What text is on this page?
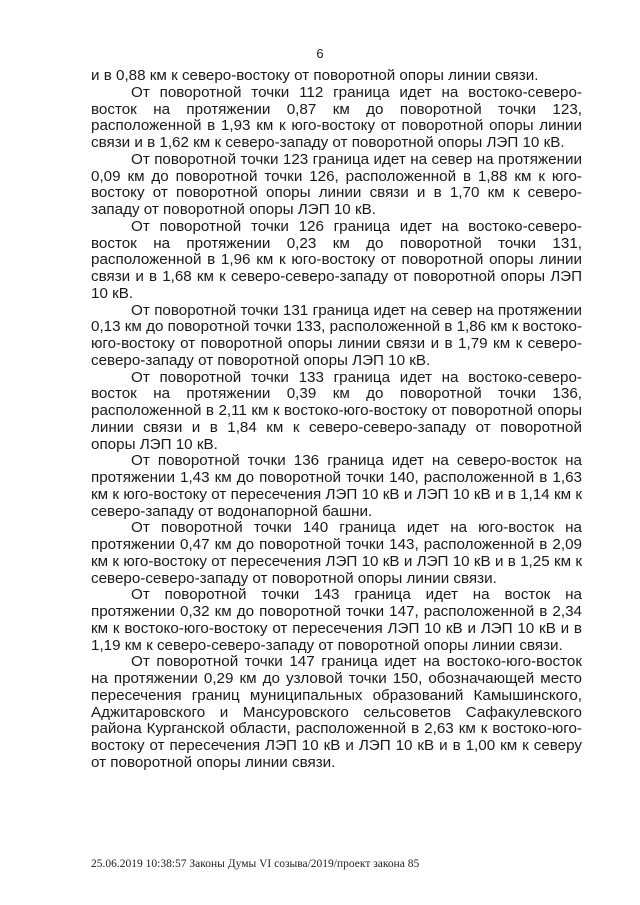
6

и в 0,88 км к северо-востоку от поворотной опоры линии связи.

От поворотной точки 112 граница идет на востоко-северо-восток на протяжении 0,87 км до поворотной точки 123, расположенной в 1,93 км к юго-востоку от поворотной опоры линии связи и в 1,62 км к северо-западу от поворотной опоры ЛЭП 10 кВ.

От поворотной точки 123 граница идет на север на протяжении 0,09 км до поворотной точки 126, расположенной в 1,88 км к юго-востоку от поворотной опоры линии связи и в 1,70 км к северо-западу от поворотной опоры ЛЭП 10 кВ.

От поворотной точки 126 граница идет на востоко-северо-восток на протяжении 0,23 км до поворотной точки 131, расположенной в 1,96 км к юго-востоку от поворотной опоры линии связи и в 1,68 км к северо-северо-западу от поворотной опоры ЛЭП 10 кВ.

От поворотной точки 131 граница идет на север на протяжении 0,13 км до поворотной точки 133, расположенной в 1,86 км к востоко-юго-востоку от поворотной опоры линии связи и в 1,79 км к северо-северо-западу от поворотной опоры ЛЭП 10 кВ.

От поворотной точки 133 граница идет на востоко-северо-восток на протяжении 0,39 км до поворотной точки 136, расположенной в 2,11 км к востоко-юго-востоку от поворотной опоры линии связи и в 1,84 км к северо-северо-западу от поворотной опоры ЛЭП 10 кВ.

От поворотной точки 136 граница идет на северо-восток на протяжении 1,43 км до поворотной точки 140, расположенной в 1,63 км к юго-востоку от пересечения ЛЭП 10 кВ и ЛЭП 10 кВ и в 1,14 км к северо-западу от водонапорной башни.

От поворотной точки 140 граница идет на юго-восток на протяжении 0,47 км до поворотной точки 143, расположенной в 2,09 км к юго-востоку от пересечения ЛЭП 10 кВ и ЛЭП 10 кВ и в 1,25 км к северо-северо-западу от поворотной опоры линии связи.

От поворотной точки 143 граница идет на восток на протяжении 0,32 км до поворотной точки 147, расположенной в 2,34 км к востоко-юго-востоку от пересечения ЛЭП 10 кВ и ЛЭП 10 кВ и в 1,19 км к северо-северо-западу от поворотной опоры линии связи.

От поворотной точки 147 граница идет на востоко-юго-восток на протяжении 0,29 км до узловой точки 150, обозначающей место пересечения границ муниципальных образований Камышинского, Аджитаровского и Мансуровского сельсоветов Сафакулевского района Курганской области, расположенной в 2,63 км к востоко-юго-востоку от пересечения ЛЭП 10 кВ и ЛЭП 10 кВ и в 1,00 км к северу от поворотной опоры линии связи.

25.06.2019 10:38:57 Законы Думы VI созыва/2019/проект закона 85
